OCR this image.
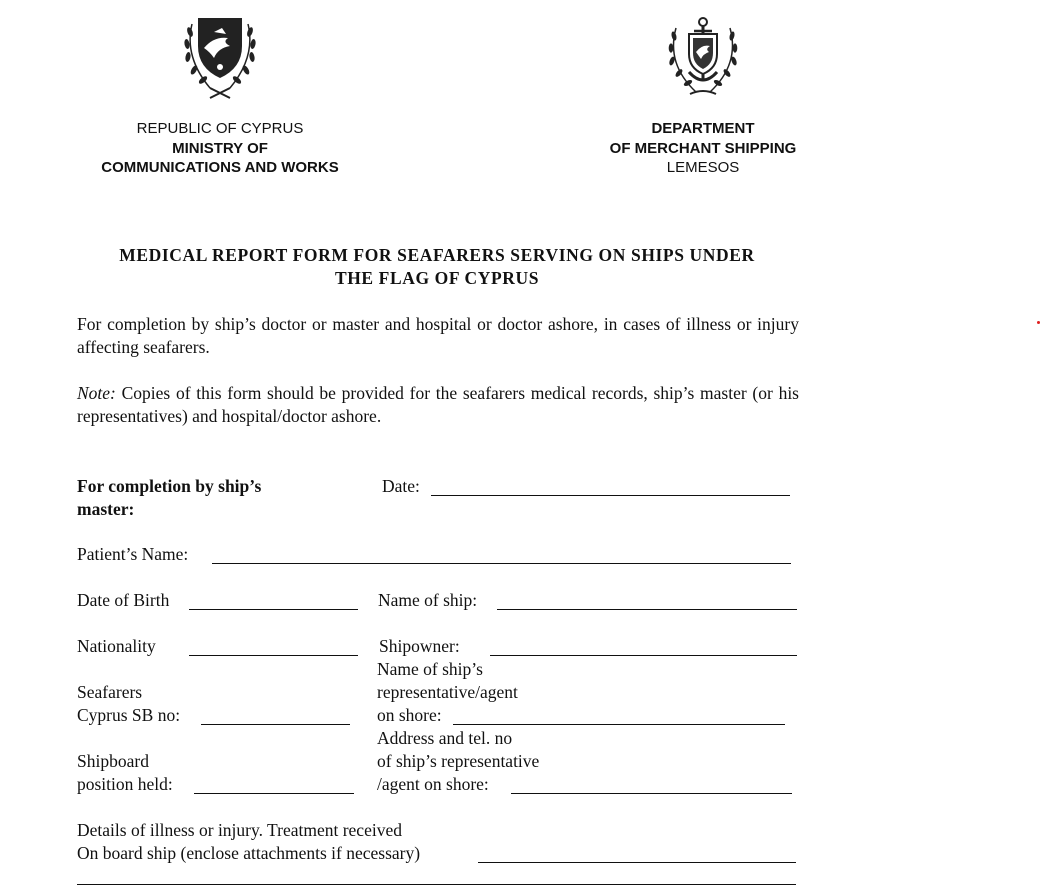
REPUBLIC OF CYPRUS
MINISTRY OF
COMMUNICATIONS AND WORKS
DEPARTMENT
OF MERCHANT SHIPPING
LEMESOS
MEDICAL REPORT FORM FOR SEAFARERS SERVING ON SHIPS UNDER
THE FLAG OF CYPRUS
For completion by ship’s doctor or master and hospital or doctor ashore, in cases of illness or injury affecting seafarers.
Note: Copies of this form should be provided for the seafarers medical records, ship’s master (or his representatives) and hospital/doctor ashore.
For completion by ship’s
master:
Date:
Patient’s Name:
Date of Birth	Name of ship:
Nationality	Shipowner:
Name of ship’s
representative/agent
on shore:
Seafarers
Cyprus SB no:
Address and tel. no
of ship’s representative
/agent on shore:
Shipboard
position held:
Details of illness or injury. Treatment received
On board ship (enclose attachments if necessary)
